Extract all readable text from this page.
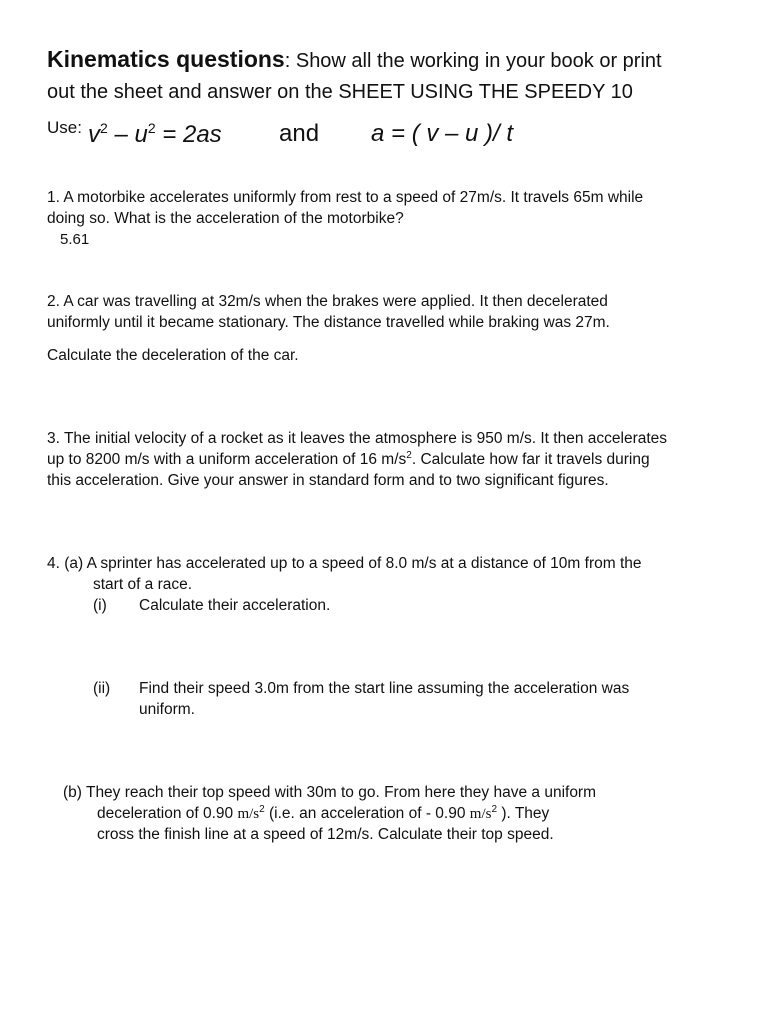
Kinematics questions: Show all the working in your book or print
out the sheet and answer on the SHEET USING THE SPEEDY 10
Use: $v^2 - u^2 = 2as$ and a = ( v – u )/ t
1. A motorbike accelerates uniformly from rest to a speed of 27m/s. It travels 65m while
doing so. What is the acceleration of the motorbike?
5.61
2. A car was travelling at 32m/s when the brakes were applied. It then decelerated
uniformly until it became stationary. The distance travelled while braking was 27m.
Calculate the deceleration of the car.
3. The initial velocity of a rocket as it leaves the atmosphere is 950 m/s. It then accelerates
up to 8200 m/s with a uniform acceleration of 16 $m/s^2$. Calculate how far it travels during
this acceleration. Give your answer in standard form and to two significant figures.
4. (a) A sprinter has accelerated up to a speed of 8.0 m/s at a distance of 10m from the
start of a race.
(i) Calculate their acceleration.
(ii) Find their speed 3.0m from the start line assuming the acceleration was
uniform.
(b) They reach their top speed with 30m to go. From here they have a uniform
deceleration of 0.90 $m/s^2$ (i.e. an acceleration of - 0.90 $m/s^2$ ). They
cross the finish line at a speed of 12m/s. Calculate their top speed.
